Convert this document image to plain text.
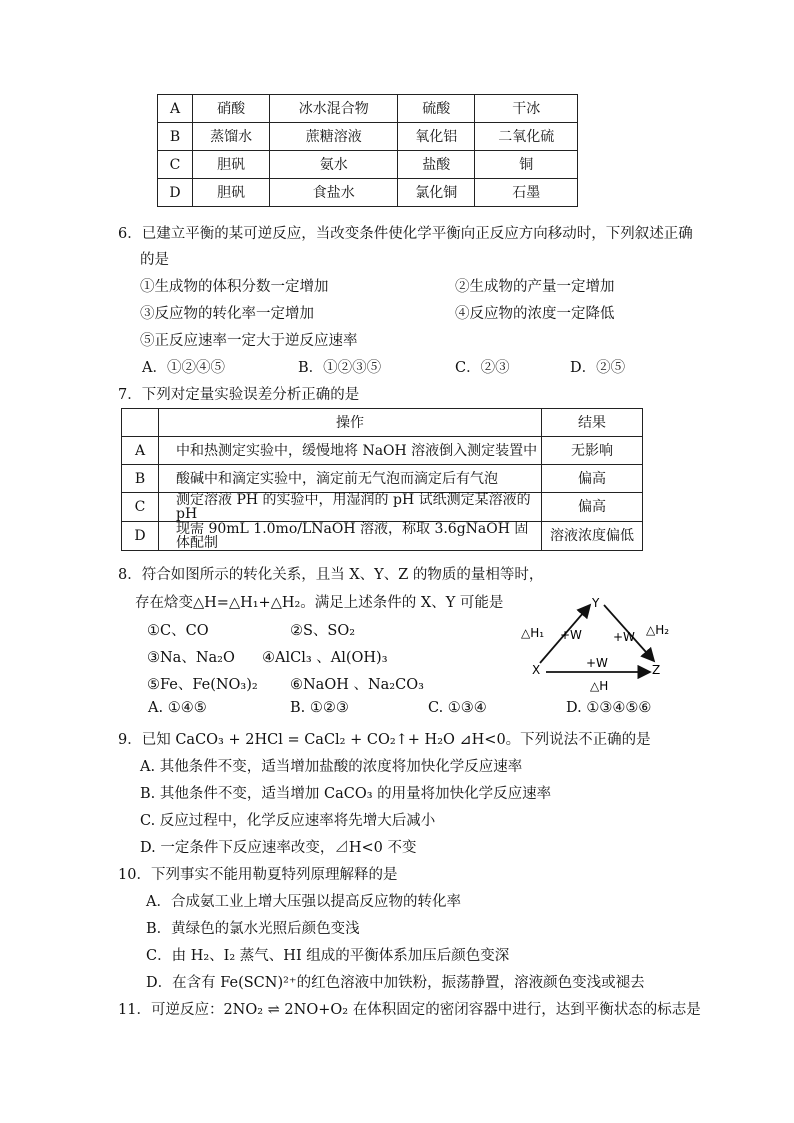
A	硝酸	冰水混合物	硫酸	干冰
B	蒸馏水	蔗糖溶液	氧化铝	二氧化硫
C	胆矾	氨水	盐酸	铜
D	胆矾	食盐水	氯化铜	石墨
6．已建立平衡的某可逆反应，当改变条件使化学平衡向正反应方向移动时，下列叙述正确
的是
①生成物的体积分数一定增加	②生成物的产量一定增加
③反应物的转化率一定增加	④反应物的浓度一定降低
⑤正反应速率一定大于逆反应速率
A．①②④⑤	B．①②③⑤	C．②③	D．②⑤
7．下列对定量实验误差分析正确的是
	操作	结果
A	中和热测定实验中，缓慢地将 NaOH 溶液倒入测定装置中	无影响
B	酸碱中和滴定实验中，滴定前无气泡而滴定后有气泡	偏高
C	测定溶液 PH 的实验中，用湿润的 pH 试纸测定某溶液的 pH	偏高
D	现需 90mL 1.0mo/LNaOH 溶液，称取 3.6gNaOH 固体配制	溶液浓度偏低
8．符合如图所示的转化关系，且当 X、Y、Z 的物质的量相等时，
存在焓变△H=△H₁+△H₂。满足上述条件的 X、Y 可能是
①C、CO	②S、SO₂
③Na、Na₂O ④AlCl₃ 、Al(OH)₃
⑤Fe、Fe(NO₃)₂ ⑥NaOH 、Na₂CO₃
A. ①④⑤	B. ①②③	C. ①③④	D. ①③④⑤⑥
Y
X	Z
△H₁ +W	+W △H₂
+W
△H
9．已知 CaCO₃ + 2HCl = CaCl₂ + CO₂↑+ H₂O ⊿H<0。下列说法不正确的是
A. 其他条件不变，适当增加盐酸的浓度将加快化学反应速率
B. 其他条件不变，适当增加 CaCO₃ 的用量将加快化学反应速率
C. 反应过程中，化学反应速率将先增大后减小
D. 一定条件下反应速率改变，⊿H<0 不变
10．下列事实不能用勒夏特列原理解释的是
A．合成氨工业上增大压强以提高反应物的转化率
B．黄绿色的氯水光照后颜色变浅
C．由 H₂、I₂ 蒸气、HI 组成的平衡体系加压后颜色变深
D．在含有 Fe(SCN)²⁺的红色溶液中加铁粉，振荡静置，溶液颜色变浅或褪去
11．可逆反应：2NO₂ ⇌ 2NO+O₂ 在体积固定的密闭容器中进行，达到平衡状态的标志是
